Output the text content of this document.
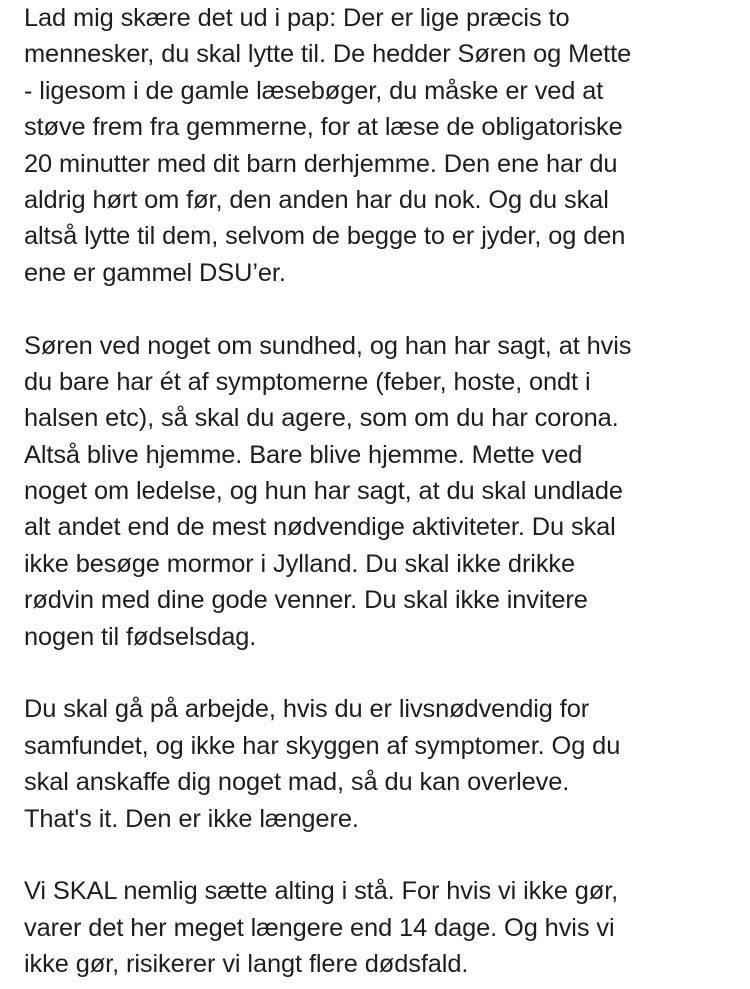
Lad mig skære det ud i pap: Der er lige præcis to
mennesker, du skal lytte til. De hedder Søren og Mette
- ligesom i de gamle læsebøger, du måske er ved at
støve frem fra gemmerne, for at læse de obligatoriske
20 minutter med dit barn derhjemme. Den ene har du
aldrig hørt om før, den anden har du nok. Og du skal
altså lytte til dem, selvom de begge to er jyder, og den
ene er gammel DSU’er.

Søren ved noget om sundhed, og han har sagt, at hvis
du bare har ét af symptomerne (feber, hoste, ondt i
halsen etc), så skal du agere, som om du har corona.
Altså blive hjemme. Bare blive hjemme. Mette ved
noget om ledelse, og hun har sagt, at du skal undlade
alt andet end de mest nødvendige aktiviteter. Du skal
ikke besøge mormor i Jylland. Du skal ikke drikke
rødvin med dine gode venner. Du skal ikke invitere
nogen til fødselsdag.

Du skal gå på arbejde, hvis du er livsnødvendig for
samfundet, og ikke har skyggen af symptomer. Og du
skal anskaffe dig noget mad, så du kan overleve.
That's it. Den er ikke længere.

Vi SKAL nemlig sætte alting i stå. For hvis vi ikke gør,
varer det her meget længere end 14 dage. Og hvis vi
ikke gør, risikerer vi langt flere dødsfald.
